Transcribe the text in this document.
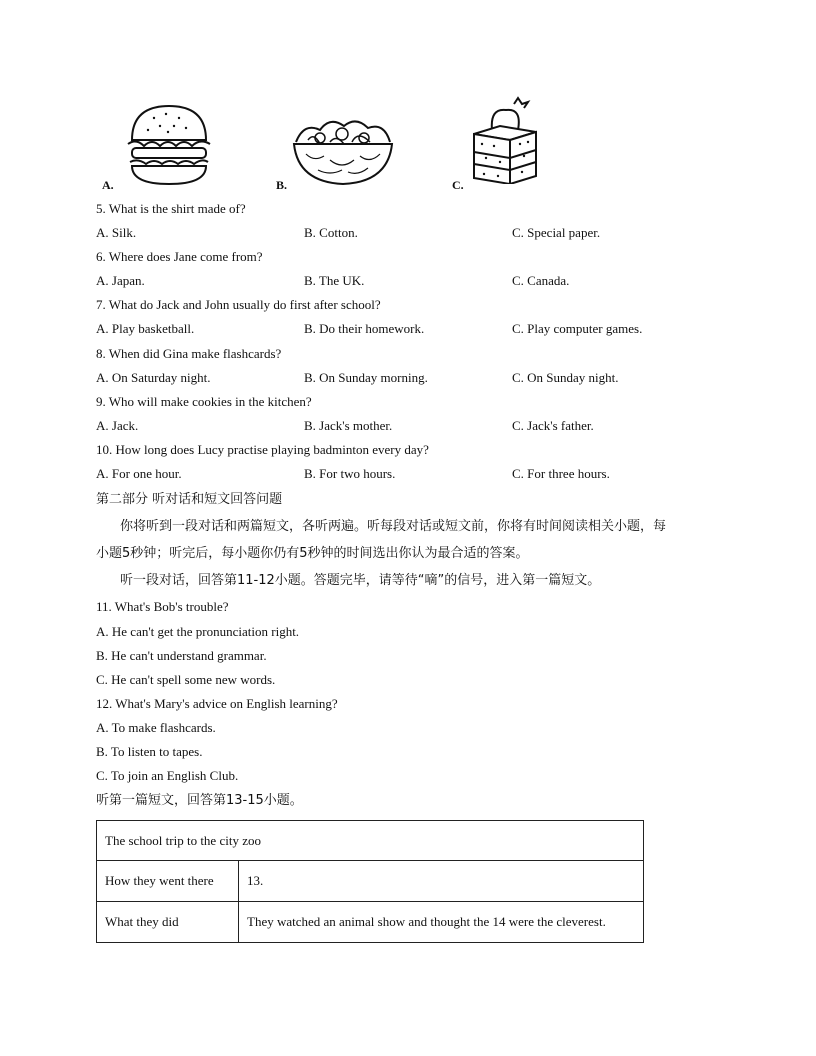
A.	B.	C.
5. What is the shirt made of?
A. Silk.	B. Cotton.	C. Special paper.
6. Where does Jane come from?
A. Japan.	B. The UK.	C. Canada.
7. What do Jack and John usually do first after school?
A. Play basketball.	B. Do their homework.	C. Play computer games.
8. When did Gina make flashcards?
A. On Saturday night.	B. On Sunday morning.	C. On Sunday night.
9. Who will make cookies in the kitchen?
A. Jack.	B. Jack's mother.	C. Jack's father.
10. How long does Lucy practise playing badminton every day?
A. For one hour.	B. For two hours.	C. For three hours.
第二部分 听对话和短文回答问题
你将听到一段对话和两篇短文，各听两遍。听每段对话或短文前，你将有时间阅读相关小题，每
小题5秒钟；听完后，每小题你仍有5秒钟的时间选出你认为最合适的答案。
听一段对话，回答第11-12小题。答题完毕，请等待“嘀”的信号，进入第一篇短文。
11. What's Bob's trouble?
A. He can't get the pronunciation right.
B. He can't understand grammar.
C. He can't spell some new words.
12. What's Mary's advice on English learning?
A. To make flashcards.
B. To listen to tapes.
C. To join an English Club.
听第一篇短文，回答第13-15小题。
The school trip to the city zoo	
How they went there	13.
What they did	They watched an animal show and thought the 14 were the cleverest.
